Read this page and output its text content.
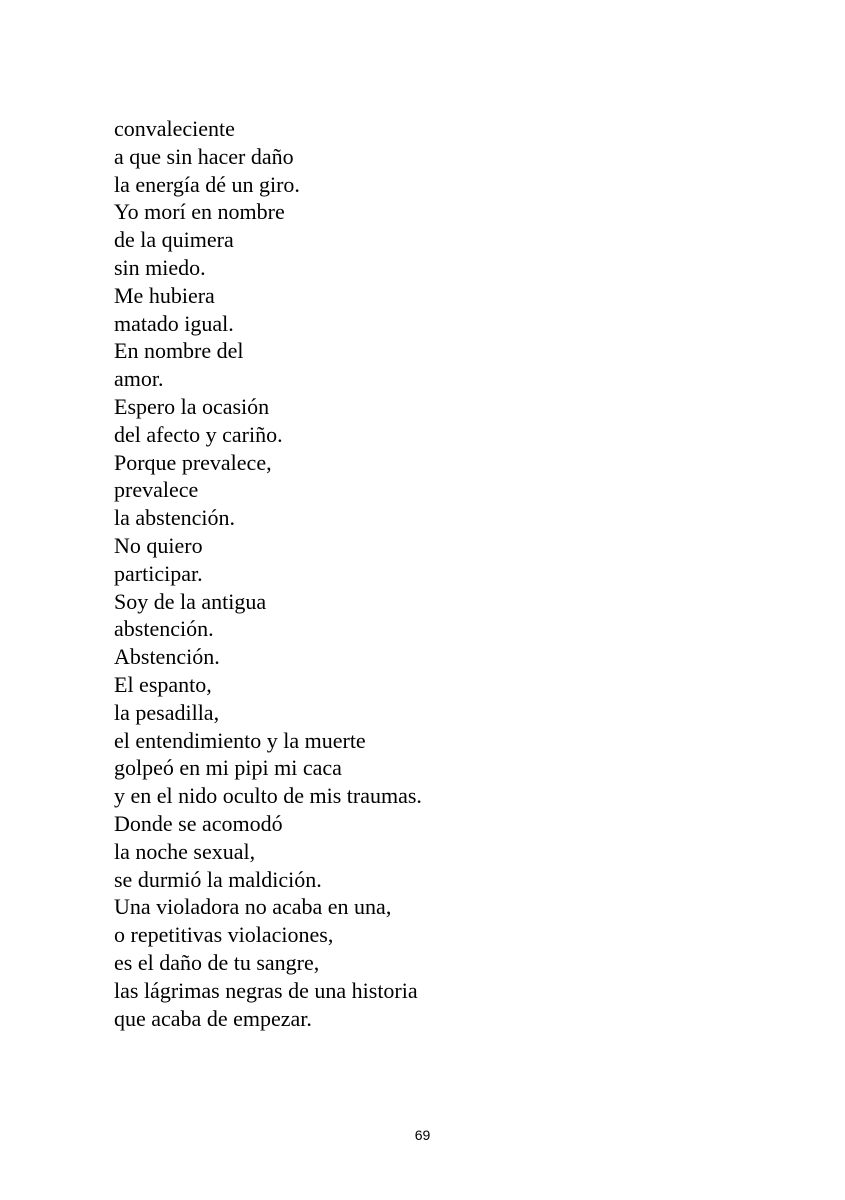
convaleciente
a que sin hacer daño
la energía dé un giro.
Yo morí en nombre
de la quimera
sin miedo.
Me hubiera
matado igual.
En nombre del
amor.
Espero la ocasión
del afecto y cariño.
Porque prevalece,
prevalece
la abstención.
No quiero
participar.
Soy de la antigua
abstención.
Abstención.
El espanto,
la pesadilla,
el entendimiento y la muerte
golpeó en mi pipi mi caca
y en el nido oculto de mis traumas.
Donde se acomodó
la noche sexual,
se durmió la maldición.
Una violadora no acaba en una,
o repetitivas violaciones,
es el daño de tu sangre,
las lágrimas negras de una historia
que acaba de empezar.
69
